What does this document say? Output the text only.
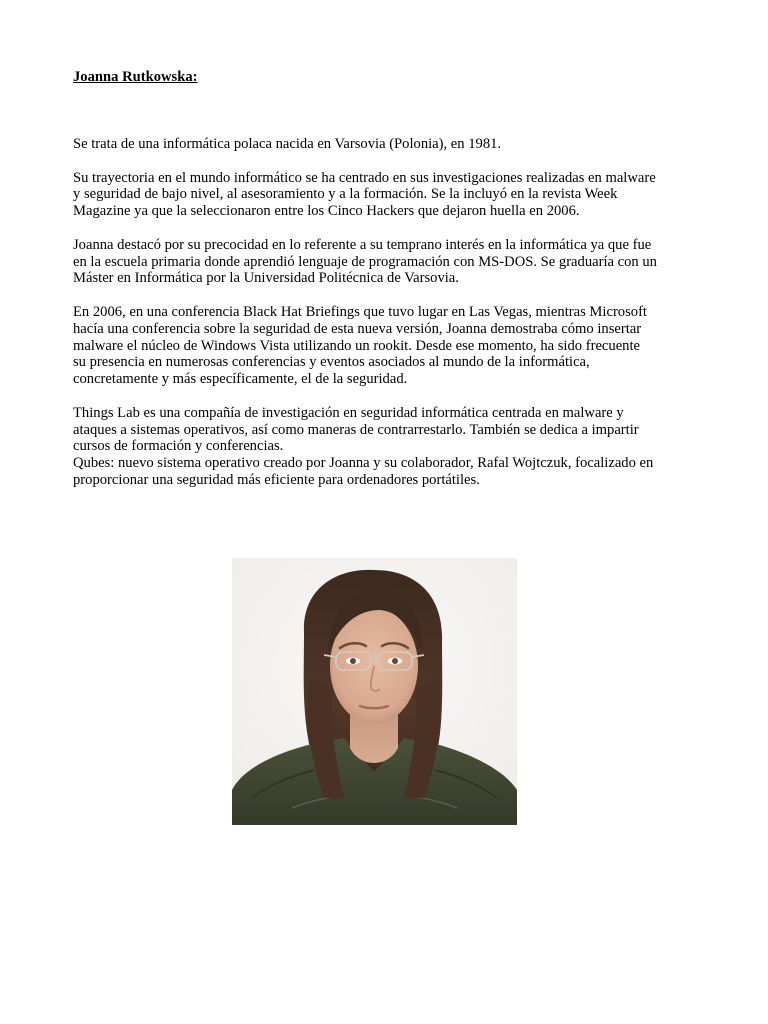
Joanna Rutkowska:

Se trata de una informática polaca nacida en Varsovia (Polonia), en 1981.

Su trayectoria en el mundo informático se ha centrado en sus investigaciones realizadas en malware
y seguridad de bajo nivel, al asesoramiento y a la formación. Se la incluyó en la revista Week
Magazine ya que la seleccionaron entre los Cinco Hackers que dejaron huella en 2006.

Joanna destacó por su precocidad en lo referente a su temprano interés en la informática ya que fue
en la escuela primaria donde aprendió lenguaje de programación con MS-DOS. Se graduaría con un
Máster en Informática por la Universidad Politécnica de Varsovia.

En 2006, en una conferencia Black Hat Briefings que tuvo lugar en Las Vegas, mientras Microsoft
hacía una conferencia sobre la seguridad de esta nueva versión, Joanna demostraba cómo insertar
malware el núcleo de Windows Vista utilizando un rookit. Desde ese momento, ha sido frecuente
su presencia en numerosas conferencias y eventos asociados al mundo de la informática,
concretamente y más específicamente, el de la seguridad.

Things Lab es una compañía de investigación en seguridad informática centrada en malware y
ataques a sistemas operativos, así como maneras de contrarrestarlo. También se dedica a impartir
cursos de formación y conferencias.
Qubes: nuevo sistema operativo creado por Joanna y su colaborador, Rafal Wojtczuk, focalizado en
proporcionar una seguridad más eficiente para ordenadores portátiles.
